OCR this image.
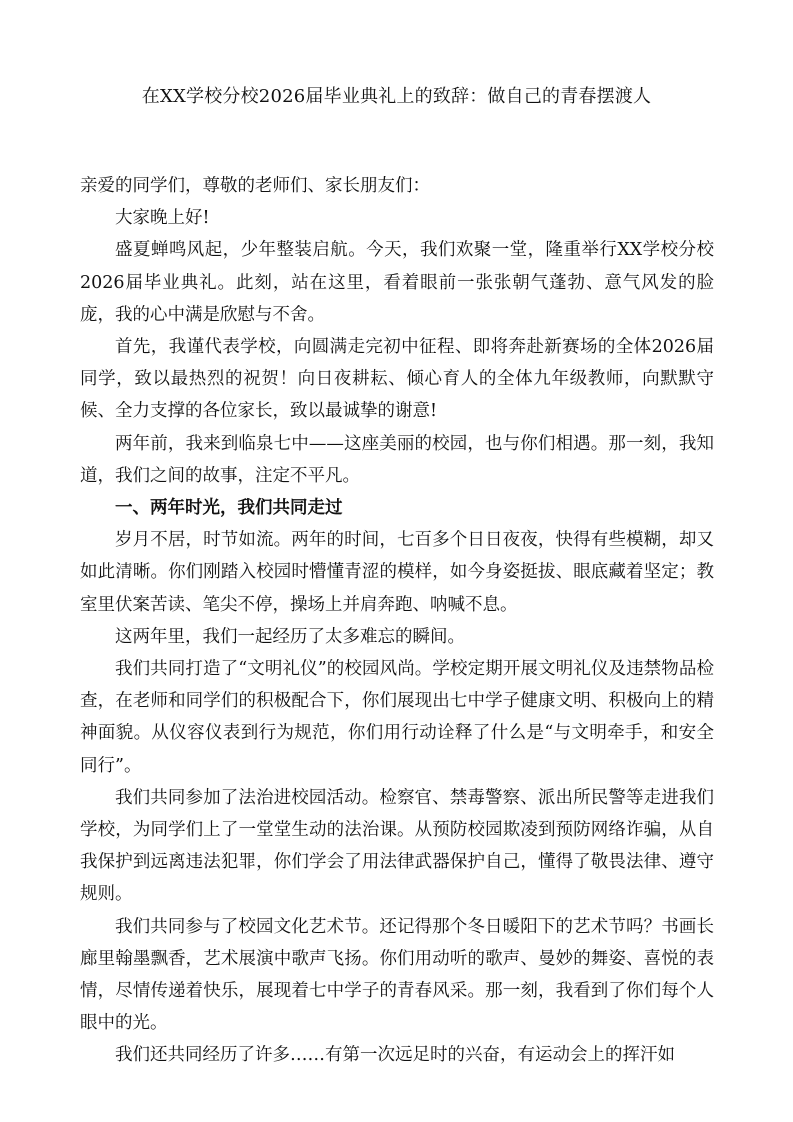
在XX学校分校2026届毕业典礼上的致辞：做自己的青春摆渡人

亲爱的同学们，尊敬的老师们、家长朋友们：

大家晚上好!

盛夏蝉鸣风起，少年整装启航。今天，我们欢聚一堂，隆重举行XX学校分校2026届毕业典礼。此刻，站在这里，看着眼前一张张朝气蓬勃、意气风发的脸庞，我的心中满是欣慰与不舍。

首先，我谨代表学校，向圆满走完初中征程、即将奔赴新赛场的全体2026届同学，致以最热烈的祝贺！向日夜耕耘、倾心育人的全体九年级教师，向默默守候、全力支撑的各位家长，致以最诚挚的谢意!

两年前，我来到临泉七中——这座美丽的校园，也与你们相遇。那一刻，我知道，我们之间的故事，注定不平凡。

一、两年时光，我们共同走过

岁月不居，时节如流。两年的时间，七百多个日日夜夜，快得有些模糊，却又如此清晰。你们刚踏入校园时懵懂青涩的模样，如今身姿挺拔、眼底藏着坚定；教室里伏案苦读、笔尖不停，操场上并肩奔跑、呐喊不息。

这两年里，我们一起经历了太多难忘的瞬间。

我们共同打造了“文明礼仪”的校园风尚。学校定期开展文明礼仪及违禁物品检查，在老师和同学们的积极配合下，你们展现出七中学子健康文明、积极向上的精神面貌。从仪容仪表到行为规范，你们用行动诠释了什么是“与文明牵手，和安全同行”。

我们共同参加了法治进校园活动。检察官、禁毒警察、派出所民警等走进我们学校，为同学们上了一堂堂生动的法治课。从预防校园欺凌到预防网络诈骗，从自我保护到远离违法犯罪，你们学会了用法律武器保护自己，懂得了敬畏法律、遵守规则。

我们共同参与了校园文化艺术节。还记得那个冬日暖阳下的艺术节吗？书画长廊里翰墨飘香，艺术展演中歌声飞扬。你们用动听的歌声、曼妙的舞姿、喜悦的表情，尽情传递着快乐，展现着七中学子的青春风采。那一刻，我看到了你们每个人眼中的光。

我们还共同经历了许多……有第一次远足时的兴奋，有运动会上的挥汗如
